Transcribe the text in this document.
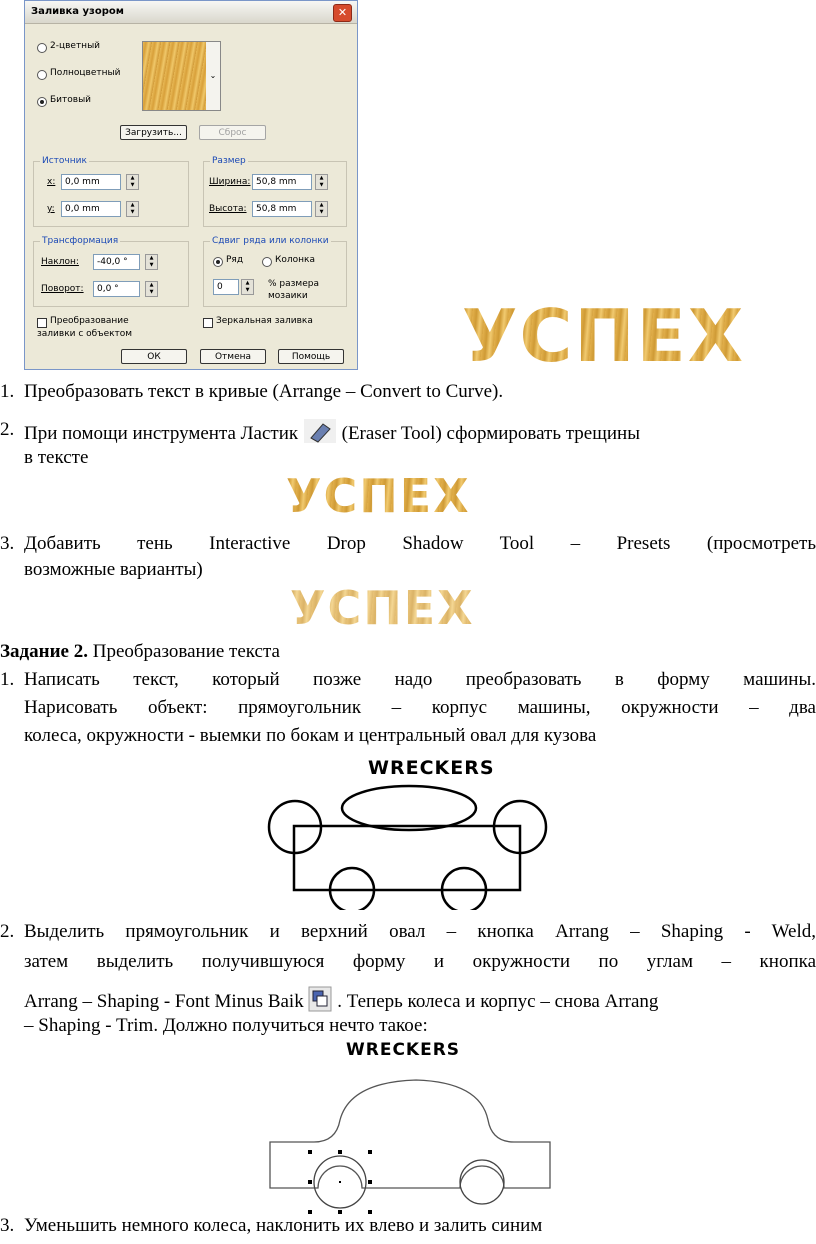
Заливка узором	✕
2-цветный
Полноцветный
Битовый
⌄
Загрузить...	Сброс
Источник
x:	0,0 mm	▲
▼
y:	0,0 mm	▲
▼
Размер
Ширина: 50,8 mm	▲
▼
Высота:	50,8 mm	▲
▼
Трансформация
Наклон:	-40,0 °	▲
▼
Поворот:	0,0 °	▲
▼
Сдвиг ряда или колонки
Ряд	Колонка
0	▲
▼
% размера
мозаики
Преобразование
заливки с объектом
Зеркальная заливка
ОК	Отмена	Помощь УСПЕХ
1. Преобразовать текст в кривые (Arrange – Convert to Curve).
2. При помощи инструмента Ластик (Eraser Tool) сформировать трещины
в тексте
УСПЕХ
3. Добавить тень Interactive Drop Shadow Tool – Presets (просмотреть
возможные варианты)
УСПЕХ
Задание 2. Преобразование текста
1. Написать текст, который позже надо преобразовать в форму машины.
Нарисовать объект: прямоугольник – корпус машины, окружности – два
колеса, окружности - выемки по бокам и центральный овал для кузова
WRECKERS
2. Выделить прямоугольник и верхний овал – кнопка Arrang – Shaping - Weld,
затем выделить получившуюся форму и окружности по углам – кнопка
Arrang – Shaping - Font Minus Baik . Теперь колеса и корпус – снова Arrang
– Shaping - Trim. Должно получиться нечто такое:
WRECKERS
3. Уменьшить немного колеса, наклонить их влево и залить синим
